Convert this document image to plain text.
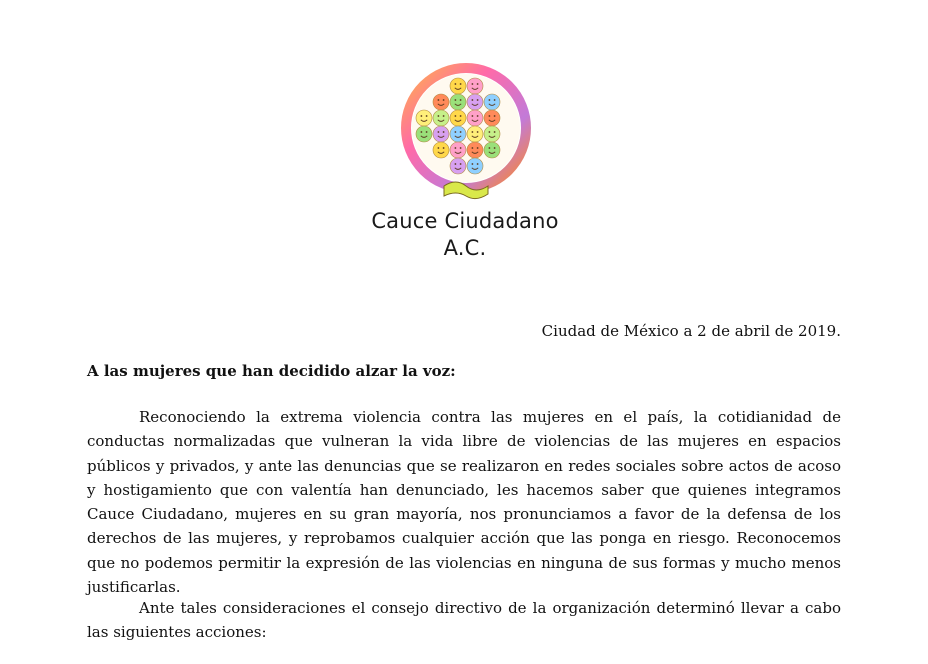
Cauce Ciudadano
A.C.
Ciudad de México a 2 de abril de 2019.
A las mujeres que han decidido alzar la voz:

Reconociendo la extrema violencia contra las mujeres en el país, la cotidianidad de conductas normalizadas que vulneran la vida libre de violencias de las mujeres en espacios públicos y privados, y ante las denuncias que se realizaron en redes sociales sobre actos de acoso y hostigamiento que con valentía han denunciado, les hacemos saber que quienes integramos Cauce Ciudadano, mujeres en su gran mayoría, nos pronunciamos a favor de la defensa de los derechos de las mujeres, y reprobamos cualquier acción que las ponga en riesgo. Reconocemos que no podemos permitir la expresión de las violencias en ninguna de sus formas y mucho menos justificarlas.

Ante tales consideraciones el consejo directivo de la organización determinó llevar a cabo las siguientes acciones:
